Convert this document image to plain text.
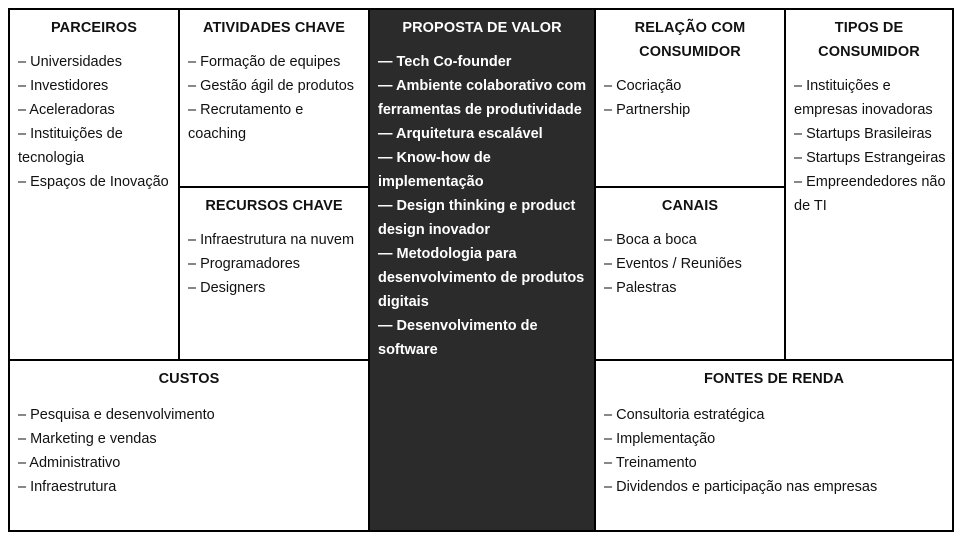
PARCEIROS
– Universidades
– Investidores
– Aceleradoras
– Instituições de tecnologia
– Espaços de Inovação
ATIVIDADES CHAVE
– Formação de equipes
– Gestão ágil de produtos
– Recrutamento e coaching
RECURSOS CHAVE
– Infraestrutura na nuvem
– Programadores
– Designers
PROPOSTA DE VALOR
— Tech Co-founder
— Ambiente colaborativo com ferramentas de produtividade
— Arquitetura escalável
— Know-how de implementação
— Design thinking e product design inovador
— Metodologia para desenvolvimento de produtos digitais
— Desenvolvimento de software
RELAÇÃO COM CONSUMIDOR
– Cocriação
– Partnership
CANAIS
– Boca a boca
– Eventos / Reuniões
– Palestras
TIPOS DE CONSUMIDOR
– Instituições e empresas inovadoras
– Startups Brasileiras
– Startups Estrangeiras
– Empreendedores não de TI
CUSTOS
– Pesquisa e desenvolvimento
– Marketing e vendas
– Administrativo
– Infraestrutura
FONTES DE RENDA
– Consultoria estratégica
– Implementação
– Treinamento
– Dividendos e participação nas empresas
